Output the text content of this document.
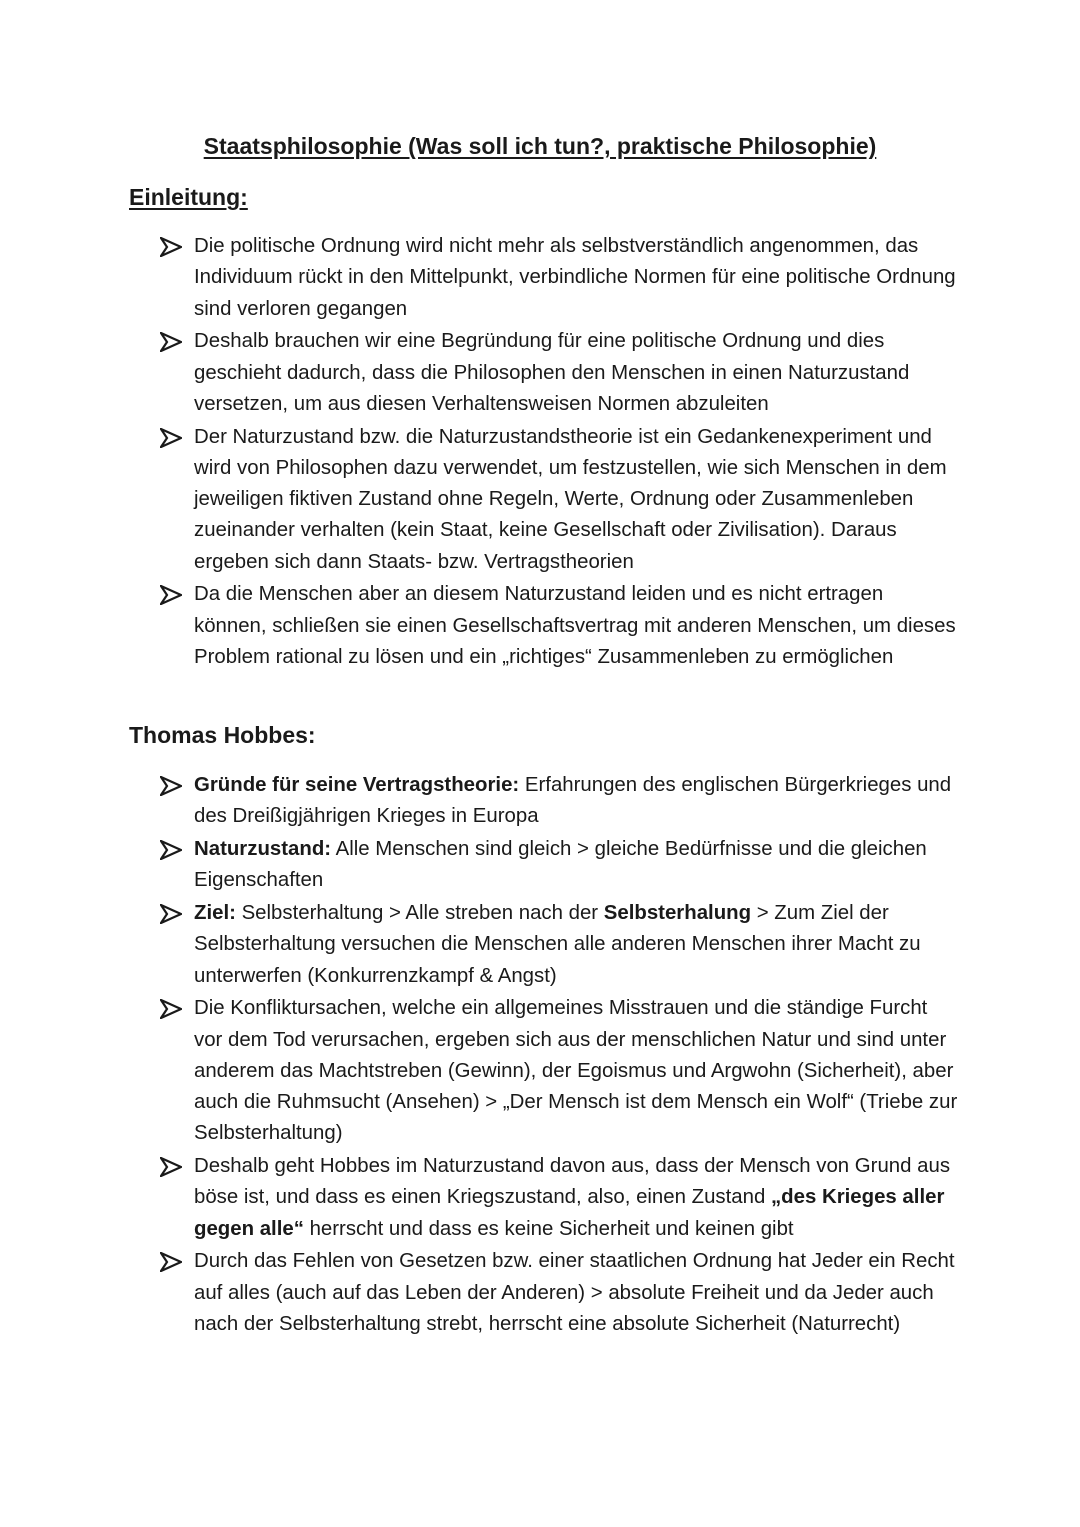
Staatsphilosophie (Was soll ich tun?, praktische Philosophie)
Einleitung:
Die politische Ordnung wird nicht mehr als selbstverständlich angenommen, das Individuum rückt in den Mittelpunkt, verbindliche Normen für eine politische Ordnung sind verloren gegangen
Deshalb brauchen wir eine Begründung für eine politische Ordnung und dies geschieht dadurch, dass die Philosophen den Menschen in einen Naturzustand versetzen, um aus diesen Verhaltensweisen Normen abzuleiten
Der Naturzustand bzw. die Naturzustandstheorie ist ein Gedankenexperiment und wird von Philosophen dazu verwendet, um festzustellen, wie sich Menschen in dem jeweiligen fiktiven Zustand ohne Regeln, Werte, Ordnung oder Zusammenleben zueinander verhalten (kein Staat, keine Gesellschaft oder Zivilisation). Daraus ergeben sich dann Staats- bzw. Vertragstheorien
Da die Menschen aber an diesem Naturzustand leiden und es nicht ertragen können, schließen sie einen Gesellschaftsvertrag mit anderen Menschen, um dieses Problem rational zu lösen und ein „richtiges“ Zusammenleben zu ermöglichen
Thomas Hobbes:
Gründe für seine Vertragstheorie: Erfahrungen des englischen Bürgerkrieges und des Dreißigjährigen Krieges in Europa
Naturzustand: Alle Menschen sind gleich > gleiche Bedürfnisse und die gleichen Eigenschaften
Ziel: Selbsterhaltung > Alle streben nach der Selbsterhalung > Zum Ziel der Selbsterhaltung versuchen die Menschen alle anderen Menschen ihrer Macht zu unterwerfen (Konkurrenzkampf & Angst)
Die Konfliktursachen, welche ein allgemeines Misstrauen und die ständige Furcht vor dem Tod verursachen, ergeben sich aus der menschlichen Natur und sind unter anderem das Machtstreben (Gewinn), der Egoismus und Argwohn (Sicherheit), aber auch die Ruhmsucht (Ansehen) > „Der Mensch ist dem Mensch ein Wolf“ (Triebe zur Selbsterhaltung)
Deshalb geht Hobbes im Naturzustand davon aus, dass der Mensch von Grund aus böse ist, und dass es einen Kriegszustand, also, einen Zustand „des Krieges aller gegen alle“ herrscht und dass es keine Sicherheit und keinen gibt
Durch das Fehlen von Gesetzen bzw. einer staatlichen Ordnung hat Jeder ein Recht auf alles (auch auf das Leben der Anderen) > absolute Freiheit und da Jeder auch nach der Selbsterhaltung strebt, herrscht eine absolute Sicherheit (Naturrecht)
